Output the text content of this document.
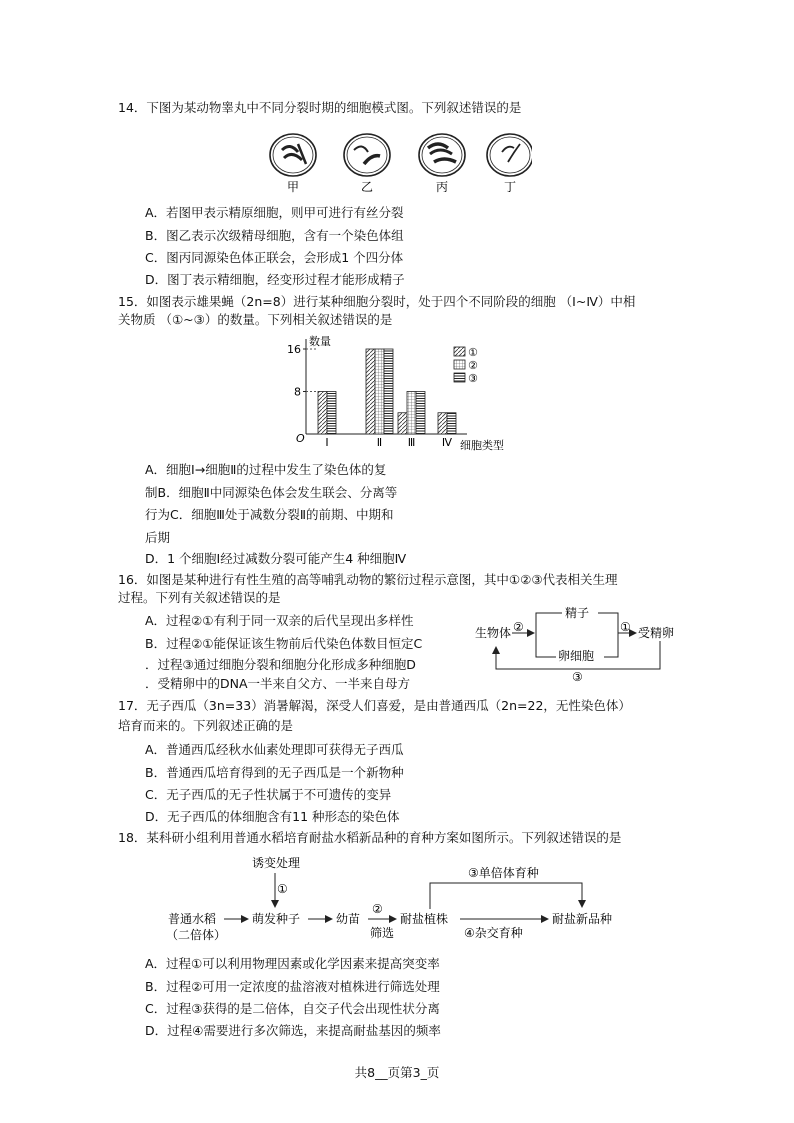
14．下图为某动物睾丸中不同分裂时期的细胞模式图。下列叙述错误的是
甲	乙	丙	丁
A．若图甲表示精原细胞，则甲可进行有丝分裂
B．图乙表示次级精母细胞，含有一个染色体组
C．图丙同源染色体正联会，会形成1 个四分体
D．图丁表示精细胞，经变形过程才能形成精子
15．如图表示雄果蝇（2n=8）进行某种细胞分裂时，处于四个不同阶段的细胞 （Ⅰ~Ⅳ）中相
关物质 （①~③）的数量。下列相关叙述错误的是
数量
O
细胞类型
8
16
Ⅰ	Ⅱ Ⅲ Ⅳ
①
②
③
A．细胞Ⅰ→细胞Ⅱ的过程中发生了染色体的复
制B．细胞Ⅱ中同源染色体会发生联会、分离等
行为C．细胞Ⅲ处于减数分裂Ⅱ的前期、中期和
后期
D．1 个细胞Ⅰ经过减数分裂可能产生4 种细胞Ⅳ
16．如图是某种进行有性生殖的高等哺乳动物的繁衍过程示意图，其中①②③代表相关生理
过程。下列有关叙述错误的是
A．过程②①有利于同一双亲的后代呈现出多样性
B．过程②①能保证该生物前后代染色体数目恒定C
．过程③通过细胞分裂和细胞分化形成多种细胞D
．受精卵中的DNA一半来自父方、一半来自母方
生物体 ②
精子
卵细胞
① 受精卵
③
17．无子西瓜（3n=33）消暑解渴，深受人们喜爱，是由普通西瓜（2n=22，无性染色体）
培育而来的。下列叙述正确的是
A．普通西瓜经秋水仙素处理即可获得无子西瓜
B．普通西瓜培育得到的无子西瓜是一个新物种
C．无子西瓜的无子性状属于不可遗传的变异
D．无子西瓜的体细胞含有11 种形态的染色体
18．某科研小组利用普通水稻培育耐盐水稻新品种的育种方案如图所示。下列叙述错误的是
诱变处理
①
普通水稻
（二倍体）
萌发种子	幼苗
②
筛选
耐盐植株
③单倍体育种
④杂交育种
耐盐新品种
A．过程①可以利用物理因素或化学因素来提高突变率
B．过程②可用一定浓度的盐溶液对植株进行筛选处理
C．过程③获得的是二倍体，自交子代会出现性状分离
D．过程④需要进行多次筛选，来提高耐盐基因的频率
共8__页第3_页
